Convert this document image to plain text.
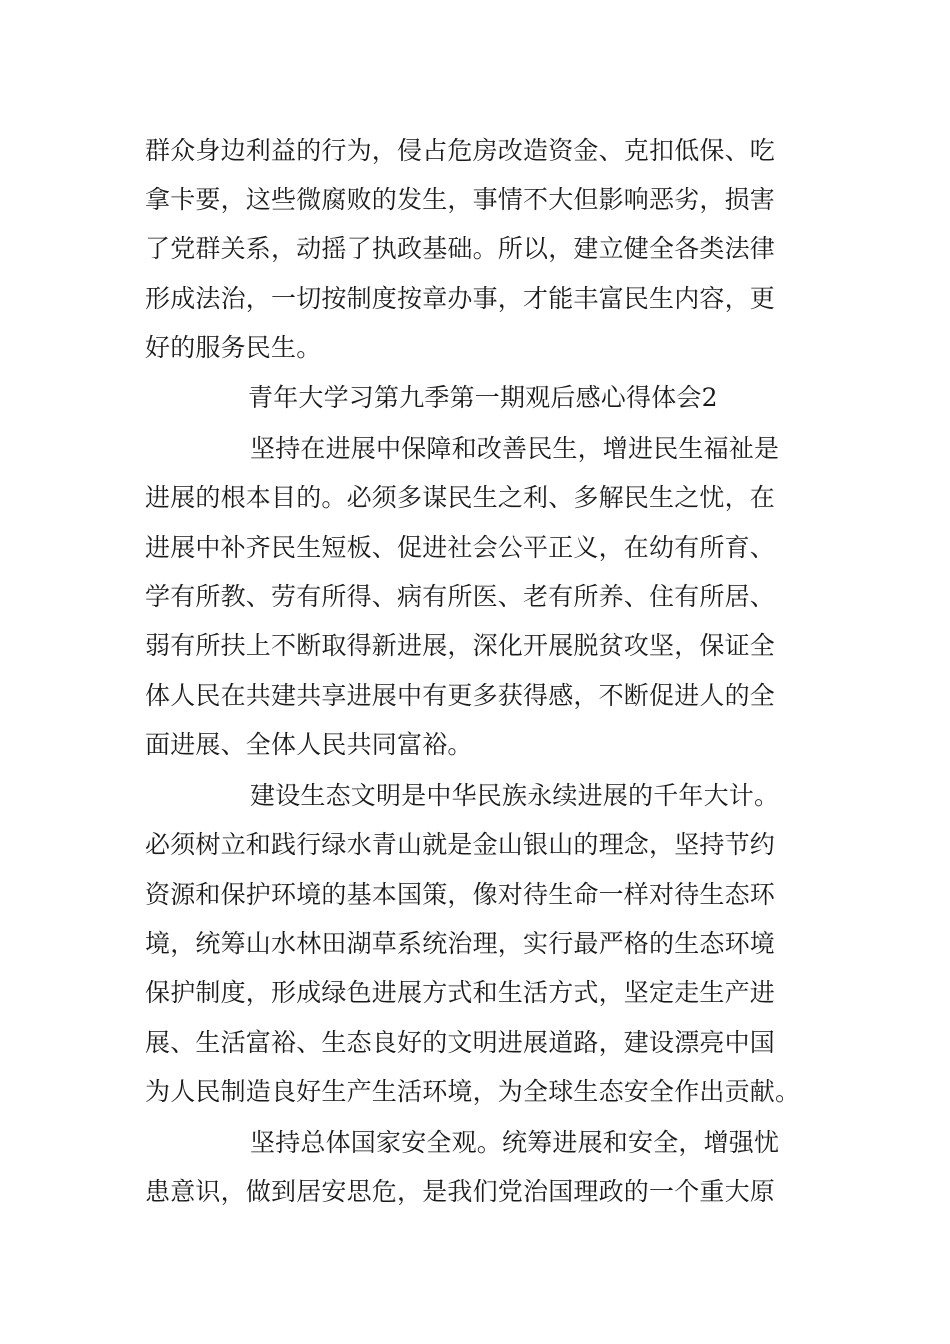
群众身边利益的行为，侵占危房改造资金、克扣低保、吃
拿卡要，这些微腐败的发生，事情不大但影响恶劣，损害
了党群关系，动摇了执政基础。所以，建立健全各类法律
形成法治，一切按制度按章办事，才能丰富民生内容，更
好的服务民生。
青年大学习第九季第一期观后感心得体会2
坚持在进展中保障和改善民生，增进民生福祉是
进展的根本目的。必须多谋民生之利、多解民生之忧，在
进展中补齐民生短板、促进社会公平正义，在幼有所育、
学有所教、劳有所得、病有所医、老有所养、住有所居、
弱有所扶上不断取得新进展，深化开展脱贫攻坚，保证全
体人民在共建共享进展中有更多获得感，不断促进人的全
面进展、全体人民共同富裕。
建设生态文明是中华民族永续进展的千年大计。
必须树立和践行绿水青山就是金山银山的理念，坚持节约
资源和保护环境的基本国策，像对待生命一样对待生态环
境，统筹山水林田湖草系统治理，实行最严格的生态环境
保护制度，形成绿色进展方式和生活方式，坚定走生产进
展、生活富裕、生态良好的文明进展道路，建设漂亮中国
为人民制造良好生产生活环境，为全球生态安全作出贡献。
坚持总体国家安全观。统筹进展和安全，增强忧
患意识，做到居安思危，是我们党治国理政的一个重大原
